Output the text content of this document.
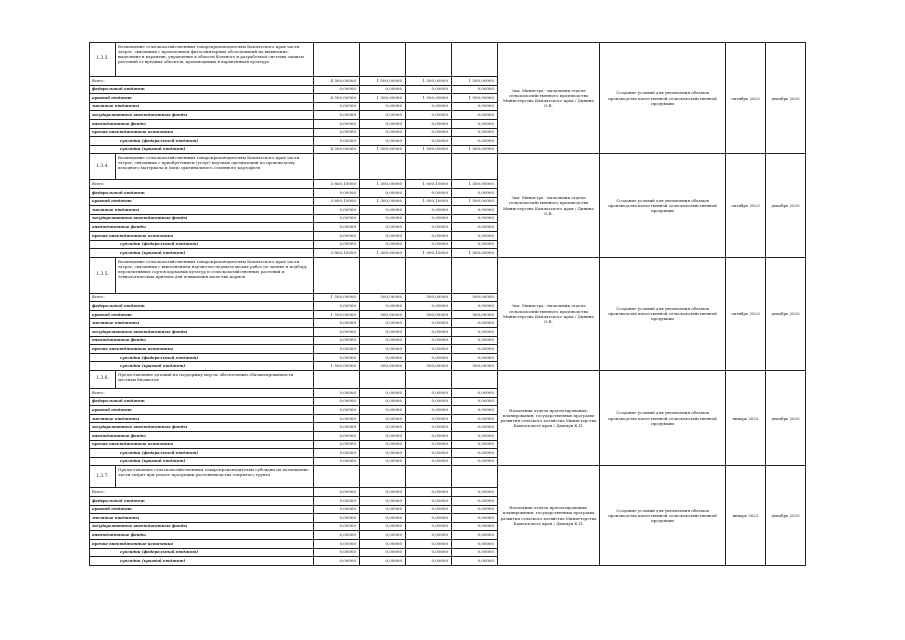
1.3.3.	Возмещение сельскохозяйственным товаропроизводителям Камчатского края части затрат, связанных с проведением фитосанитарных обследований на выявление, выделение в карантин, управление в области больного и разработкой системы защиты растений от вредных объектов, производимых в карантинной культуре					Зам. Министра - начальник отдела сельскохозяйственного производства Министерства Камчатского края / Динина О.В.	Создание условий для увеличения объемов производства качественной сельскохозяйственной продукции	октябрь 2023	декабрь 2025
Всего:		4 500,00000	1 500,00000	1 500,00000	1 500,00000				
федеральный бюджет		0,00000	0,00000	0,00000	0,00000				
краевой бюджет		4 500,00000	1 500,00000	1 500,00000	1 500,00000				
местные бюджеты		0,00000	0,00000	0,00000	0,00000				
государственные внебюджетные фонды		0,00000	0,00000	0,00000	0,00000				
внебюджетные фонды		0,00000	0,00000	0,00000	0,00000				
прочие внебюджетные источники		0,00000	0,00000	0,00000	0,00000				
субсидии (федеральный бюджет)		0,00000	0,00000	0,00000	0,00000				
субсидии (краевой бюджет)		4 500,00000	1 500,00000	1 500,00000	1 500,00000				
1.3.4.	Возмещение сельскохозяйственным товаропроизводителям Камчатского края части затрат, связанных с приобретением (услуг) научных организаций по производству исходного материала и (или) оригинального семенного картофеля					Зам. Министра - начальник отдела сельскохозяйственного производства Министерства Камчатского края / Динина О.В.	Создание условий для увеличения объемов производства качественной сельскохозяйственной продукции	октябрь 2023	декабрь 2025
Всего:		3 800,10000	1 300,00000	1 000,10000	1 500,00000				
федеральный бюджет		0,00000	0,00000	0,00000	0,00000				
краевой бюджет		3 800,10000	1 300,00000	1 000,10000	1 500,00000				
местные бюджеты		0,00000	0,00000	0,00000	0,00000				
государственные внебюджетные фонды		0,00000	0,00000	0,00000	0,00000				
внебюджетные фонды		0,00000	0,00000	0,00000	0,00000				
прочие внебюджетные источники		0,00000	0,00000	0,00000	0,00000				
субсидии (федеральный бюджет)		0,00000	0,00000	0,00000	0,00000				
субсидии (краевой бюджет)		3 800,10000	1 300,00000	1 000,10000	1 500,00000				
1.3.5.	Возмещение сельскохозяйственным товаропроизводителям Камчатского края части затрат, связанных с выполнением научно-исследовательских работ по оценке и подбору перспективных сортов кормовых культур и сельскохозяйственных растений и технологических приемов для повышения качества кормов					Зам. Министра - начальник отдела сельскохозяйственного производства Министерства Камчатского края / Динина О.В.	Создание условий для увеличения объемов производства качественной сельскохозяйственной продукции	октябрь 2023	декабрь 2025
Всего:		1 500,00000	500,00000	500,00000	500,00000				
федеральный бюджет		0,00000	0,00000	0,00000	0,00000				
краевой бюджет		1 500,00000	500,00000	500,00000	500,00000				
местные бюджеты		0,00000	0,00000	0,00000	0,00000				
государственные внебюджетные фонды		0,00000	0,00000	0,00000	0,00000				
внебюджетные фонды		0,00000	0,00000	0,00000	0,00000				
прочие внебюджетные источники		0,00000	0,00000	0,00000	0,00000				
субсидии (федеральный бюджет)		0,00000	0,00000	0,00000	0,00000				
субсидии (краевой бюджет)		1 500,00000	500,00000	500,00000	500,00000				
1.3.6.	Предоставление дотаций на поддержку мер по обеспечению сбалансированности местных бюджетов					Начальник отдела прогнозирования, планирования, государственных программ развития сельского хозяйства Министерства Камчатского края / Дымчук К.П.	Создание условий для увеличения объемов производства качественной сельскохозяйственной продукции	январь 2023	декабрь 2025
Всего:		0,00000	0,00000	0,00000	0,00000				
федеральный бюджет		0,00000	0,00000	0,00000	0,00000				
краевой бюджет		0,00000	0,00000	0,00000	0,00000				
местные бюджеты		0,00000	0,00000	0,00000	0,00000				
государственные внебюджетные фонды		0,00000	0,00000	0,00000	0,00000				
внебюджетные фонды		0,00000	0,00000	0,00000	0,00000				
прочие внебюджетные источники		0,00000	0,00000	0,00000	0,00000				
субсидии (федеральный бюджет)		0,00000	0,00000	0,00000	0,00000				
субсидии (краевой бюджет)		0,00000	0,00000	0,00000	0,00000				
1.3.7.	Предоставление сельскохозяйственным товаропроизводителям субсидии на возмещение части затрат при уплате продукции растениеводства открытого грунта					Начальник отдела прогнозирования, планирования, государственных программ развития сельского хозяйства Министерства Камчатского края / Дымчук К.П.	Создание условий для увеличения объемов производства качественной сельскохозяйственной продукции	январь 2023	декабрь 2025
Всего:		0,00000	0,00000	0,00000	0,00000				
федеральный бюджет		0,00000	0,00000	0,00000	0,00000				
краевой бюджет		0,00000	0,00000	0,00000	0,00000				
местные бюджеты		0,00000	0,00000	0,00000	0,00000				
государственные внебюджетные фонды		0,00000	0,00000	0,00000	0,00000				
внебюджетные фонды		0,00000	0,00000	0,00000	0,00000				
прочие внебюджетные источники		0,00000	0,00000	0,00000	0,00000				
субсидии (федеральный бюджет)		0,00000	0,00000	0,00000	0,00000				
субсидии (краевой бюджет)		0,00000	0,00000	0,00000	0,00000				
